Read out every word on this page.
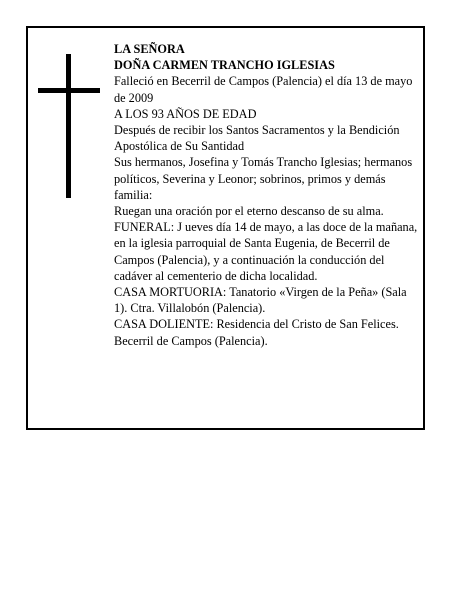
LA SEÑORA

DOÑA CARMEN TRANCHO IGLESIAS

Falleció en Becerril de Campos (Palencia) el día 13 de mayo de 2009

A LOS 93 AÑOS DE EDAD

Después de recibir los Santos Sacramentos y la Bendición Apostólica de Su Santidad

Sus hermanos, Josefina y Tomás Trancho Iglesias; hermanos políticos, Severina y Leonor; sobrinos, primos y demás familia:

Ruegan una oración por el eterno descanso de su alma.

FUNERAL: J ueves día 14 de mayo, a las doce de la mañana, en la iglesia parroquial de Santa Eugenia, de Becerril de Campos (Palencia), y a continuación la conducción del cadáver al cementerio de dicha localidad.

CASA MORTUORIA: Tanatorio «Virgen de la Peña» (Sala 1). Ctra. Villalobón (Palencia).

CASA DOLIENTE: Residencia del Cristo de San Felices. Becerril de Campos (Palencia).
